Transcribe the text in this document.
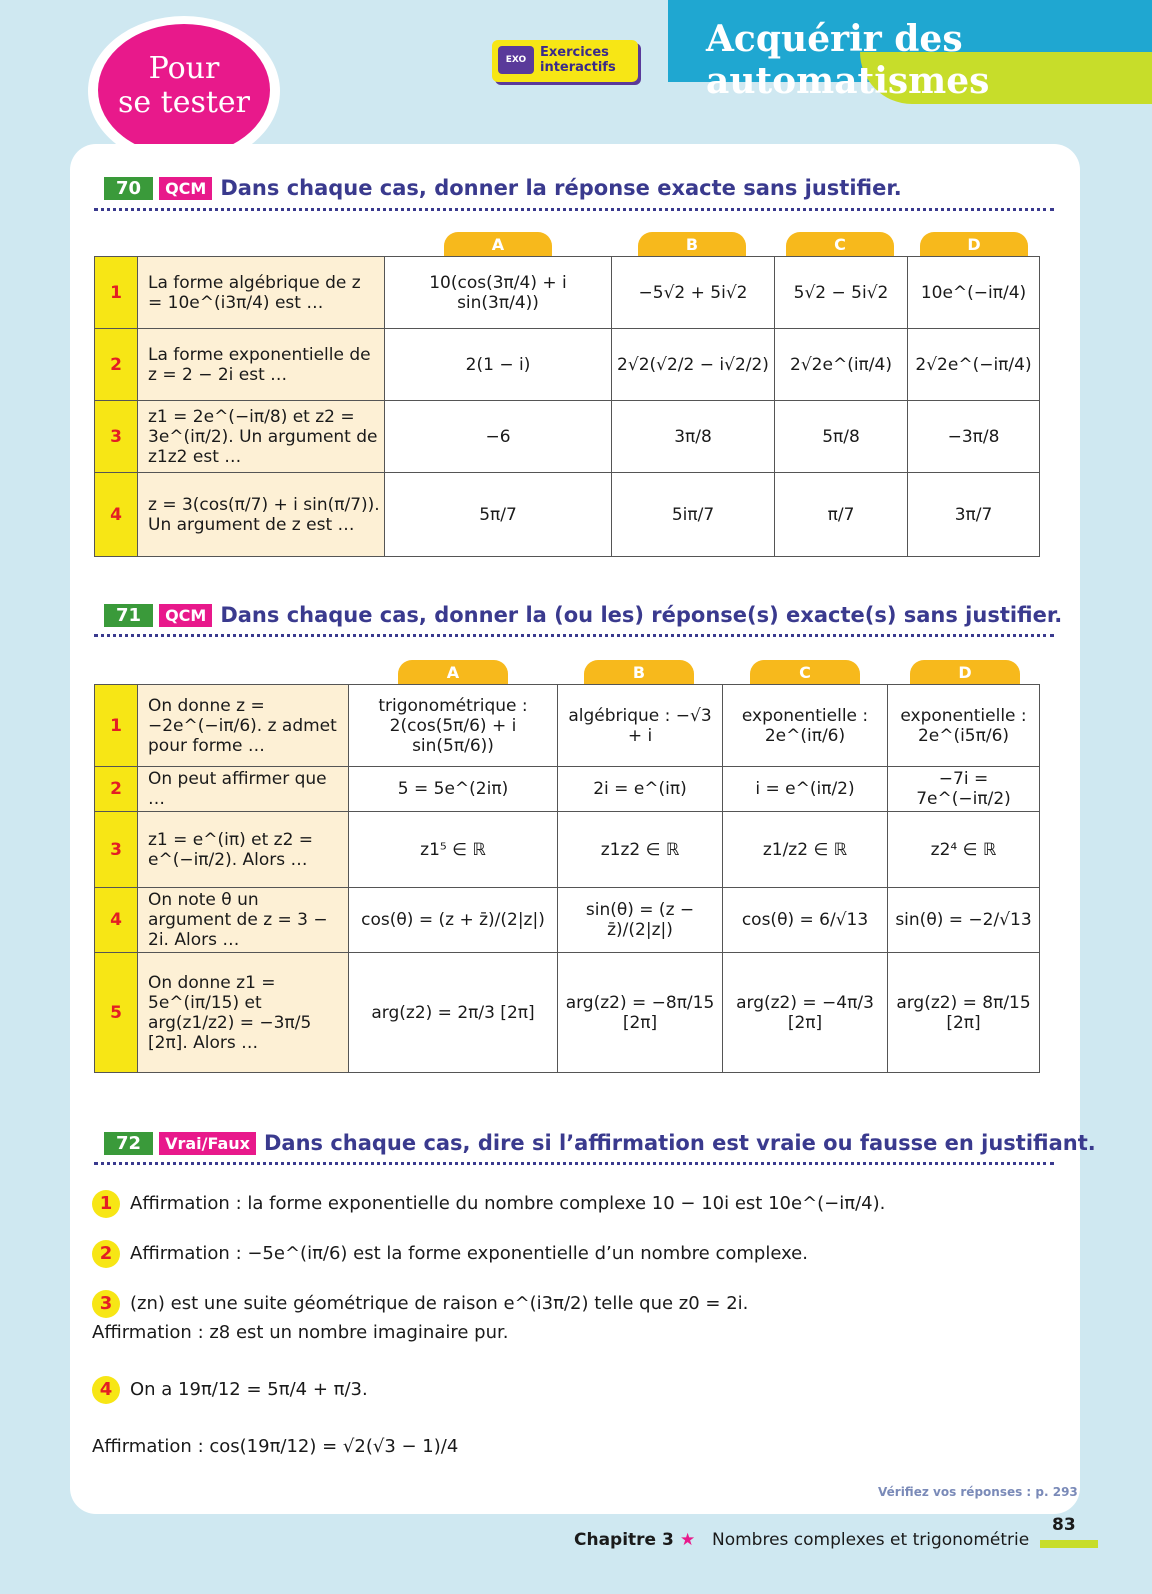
Pour
se tester
EXO	Exercices
interactifs
Acquérir des automatismes
70	QCM Dans chaque cas, donner la réponse exacte sans justifier.
A	B	C	D
1	La forme algébrique de z = 10e^(i3π/4) est …	10(cos(3π/4) + i sin(3π/4))	−5√2 + 5i√2	5√2 − 5i√2	10e^(−iπ/4)
2	La forme exponentielle de z = 2 − 2i est …	2(1 − i)	2√2(√2/2 − i√2/2)	2√2e^(iπ/4)	2√2e^(−iπ/4)
3	z1 = 2e^(−iπ/8) et z2 = 3e^(iπ/2). Un argument de z1z2 est …	−6	3π/8	5π/8	−3π/8
4	z = 3(cos(π/7) + i sin(π/7)). Un argument de z est …	5π/7	5iπ/7	π/7	3π/7
71	QCM Dans chaque cas, donner la (ou les) réponse(s) exacte(s) sans justifier.
A	B	C	D
1	On donne z = −2e^(−iπ/6). z admet pour forme …	trigonométrique : 2(cos(5π/6) + i sin(5π/6))	algébrique : −√3 + i	exponentielle : 2e^(iπ/6)	exponentielle : 2e^(i5π/6)
2	On peut affirmer que …	5 = 5e^(2iπ)	2i = e^(iπ)	i = e^(iπ/2)	−7i = 7e^(−iπ/2)
3	z1 = e^(iπ) et z2 = e^(−iπ/2). Alors …	z1⁵ ∈ ℝ	z1z2 ∈ ℝ	z1/z2 ∈ ℝ	z2⁴ ∈ ℝ
4	On note θ un argument de z = 3 − 2i. Alors …	cos(θ) = (z + z̄)/(2|z|)	sin(θ) = (z − z̄)/(2|z|)	cos(θ) = 6/√13	sin(θ) = −2/√13
5	On donne z1 = 5e^(iπ/15) et arg(z1/z2) = −3π/5 [2π]. Alors …	arg(z2) = 2π/3 [2π]	arg(z2) = −8π/15 [2π]	arg(z2) = −4π/3 [2π]	arg(z2) = 8π/15 [2π]
72	Vrai/Faux Dans chaque cas, dire si l’affirmation est vraie ou fausse en justifiant.
1 Affirmation : la forme exponentielle du nombre complexe 10 − 10i est 10e^(−iπ/4).
2 Affirmation : −5e^(iπ/6) est la forme exponentielle d’un nombre complexe.
3 (zn) est une suite géométrique de raison e^(i3π/2) telle que z0 = 2i.
Affirmation : z8 est un nombre imaginaire pur.
4 On a 19π/12 = 5π/4 + π/3.
Affirmation : cos(19π/12) = √2(√3 − 1)/4
Vérifiez vos réponses : p. 293
Chapitre 3 ★ Nombres complexes et trigonométrie
83
